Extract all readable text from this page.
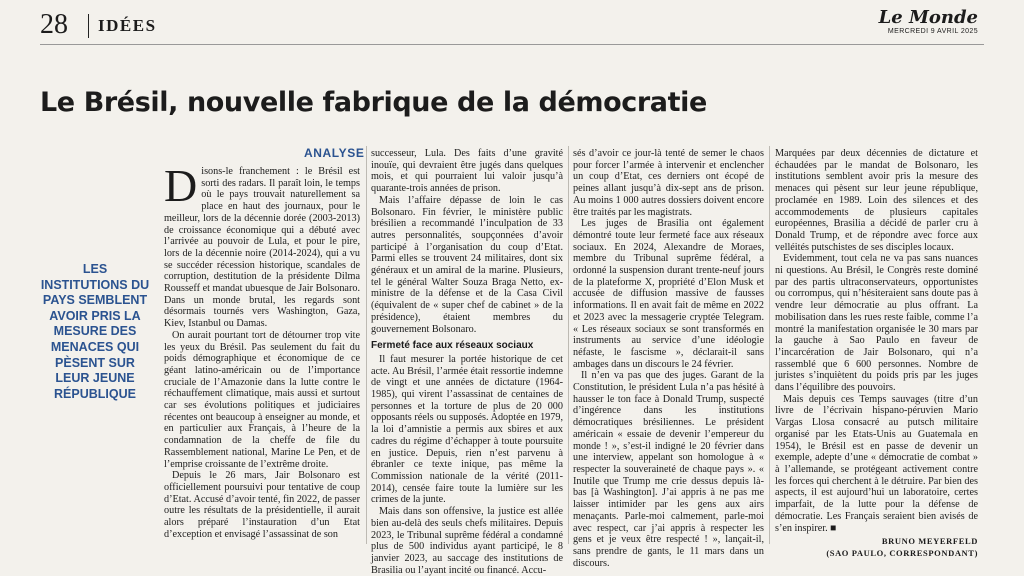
28 IDÉES	Le Monde
MERCREDI 9 AVRIL 2025
Le Brésil, nouvelle fabrique de la démocratie

LES INSTITUTIONS DU PAYS SEMBLENT AVOIR PRIS LA MESURE DES MENACES QUI PÈSENT SUR LEUR JEUNE RÉPUBLIQUE

ANALYSE

Disons-le franchement : le Brésil est sorti des radars. Il paraît loin, le temps où le pays trouvait naturellement sa place en haut des journaux, pour le meilleur, lors de la décennie dorée (2003-2013) de croissance économique qui a débuté avec l’arrivée au pouvoir de Lula, et pour le pire, lors de la décennie noire (2014-2024), qui a vu se succéder récession historique, scandales de corruption, destitution de la présidente Dilma Rousseff et mandat ubuesque de Jair Bolsonaro. Dans un monde brutal, les regards sont désormais tournés vers Washington, Gaza, Kiev, Istanbul ou Damas.

On aurait pourtant tort de détourner trop vite les yeux du Brésil. Pas seulement du fait du poids démographique et économique de ce géant latino-américain ou de l’importance cruciale de l’Amazonie dans la lutte contre le réchauffement climatique, mais aussi et surtout car ses évolutions politiques et judiciaires récentes ont beaucoup à enseigner au monde, et en particulier aux Français, à l’heure de la condamnation de la cheffe de file du Rassemblement national, Marine Le Pen, et de l’emprise croissante de l’extrême droite.

Depuis le 26 mars, Jair Bolsonaro est officiellement poursuivi pour tentative de coup d’Etat. Accusé d’avoir tenté, fin 2022, de passer outre les résultats de la présidentielle, il aurait alors préparé l’instauration d’un Etat d’exception et envisagé l’assassinat de son

successeur, Lula. Des faits d’une gravité inouïe, qui devraient être jugés dans quelques mois, et qui pourraient lui valoir jusqu’à quarante-trois années de prison.

Mais l’affaire dépasse de loin le cas Bolsonaro. Fin février, le ministère public brésilien a recommandé l’inculpation de 33 autres personnalités, soupçonnées d’avoir participé à l’organisation du coup d’Etat. Parmi elles se trouvent 24 militaires, dont six généraux et un amiral de la marine. Plusieurs, tel le général Walter Souza Braga Netto, ex-ministre de la défense et de la Casa Civil (équivalent de « super chef de cabinet » de la présidence), étaient membres du gouvernement Bolsonaro.

Fermeté face aux réseaux sociaux

Il faut mesurer la portée historique de cet acte. Au Brésil, l’armée était ressortie indemne de vingt et une années de dictature (1964-1985), qui virent l’assassinat de centaines de personnes et la torture de plus de 20 000 opposants réels ou supposés. Adoptée en 1979, la loi d’amnistie a permis aux sbires et aux cadres du régime d’échapper à toute poursuite en justice. Depuis, rien n’est parvenu à ébranler ce texte inique, pas même la Commission nationale de la vérité (2011-2014), censée faire toute la lumière sur les crimes de la junte.

Mais dans son offensive, la justice est allée bien au-delà des seuls chefs militaires. Depuis 2023, le Tribunal suprême fédéral a condamné plus de 500 individus ayant participé, le 8 janvier 2023, au saccage des institutions de Brasilia ou l’ayant incité ou financé. Accu-

sés d’avoir ce jour-là tenté de semer le chaos pour forcer l’armée à intervenir et enclencher un coup d’Etat, ces derniers ont écopé de peines allant jusqu’à dix-sept ans de prison. Au moins 1 000 autres dossiers doivent encore être traités par les magistrats.

Les juges de Brasilia ont également démontré toute leur fermeté face aux réseaux sociaux. En 2024, Alexandre de Moraes, membre du Tribunal suprême fédéral, a ordonné la suspension durant trente-neuf jours de la plateforme X, propriété d’Elon Musk et accusée de diffusion massive de fausses informations. Il en avait fait de même en 2022 et 2023 avec la messagerie cryptée Telegram. « Les réseaux sociaux se sont transformés en instruments au service d’une idéologie néfaste, le fascisme », déclarait-il sans ambages dans un discours le 24 février.

Il n’en va pas que des juges. Garant de la Constitution, le président Lula n’a pas hésité à hausser le ton face à Donald Trump, suspecté d’ingérence dans les institutions démocratiques brésiliennes. Le président américain « essaie de devenir l’empereur du monde ! », s’est-il indigné le 20 février dans une interview, appelant son homologue à « respecter la souveraineté de chaque pays ». « Inutile que Trump me crie dessus depuis là-bas [à Washington]. J’ai appris à ne pas me laisser intimider par les gens aux airs menaçants. Parle-moi calmement, parle-moi avec respect, car j’ai appris à respecter les gens et je veux être respecté ! », lançait-il, sans prendre de gants, le 11 mars dans un discours.

Marquées par deux décennies de dictature et échaudées par le mandat de Bolsonaro, les institutions semblent avoir pris la mesure des menaces qui pèsent sur leur jeune république, proclamée en 1989. Loin des silences et des accommodements de plusieurs capitales européennes, Brasilia a décidé de parler cru à Donald Trump, et de répondre avec force aux velléités putschistes de ses disciples locaux.

Evidemment, tout cela ne va pas sans nuances ni questions. Au Brésil, le Congrès reste dominé par des partis ultraconservateurs, opportunistes ou corrompus, qui n’hésiteraient sans doute pas à vendre leur démocratie au plus offrant. La mobilisation dans les rues reste faible, comme l’a montré la manifestation organisée le 30 mars par la gauche à Sao Paulo en faveur de l’incarcération de Jair Bolsonaro, qui n’a rassemblé que 6 600 personnes. Nombre de juristes s’inquiètent du poids pris par les juges dans l’équilibre des pouvoirs.

Mais depuis ces Temps sauvages (titre d’un livre de l’écrivain hispano-péruvien Mario Vargas Llosa consacré au putsch militaire organisé par les Etats-Unis au Guatemala en 1954), le Brésil est en passe de devenir un exemple, adepte d’une « démocratie de combat » à l’allemande, se protégeant activement contre les forces qui cherchent à le détruire. Par bien des aspects, il est aujourd’hui un laboratoire, certes imparfait, de la lutte pour la défense de démocratie. Les Français seraient bien avisés de s’en inspirer. ■

BRUNO MEYERFELD
(SAO PAULO, CORRESPONDANT)
